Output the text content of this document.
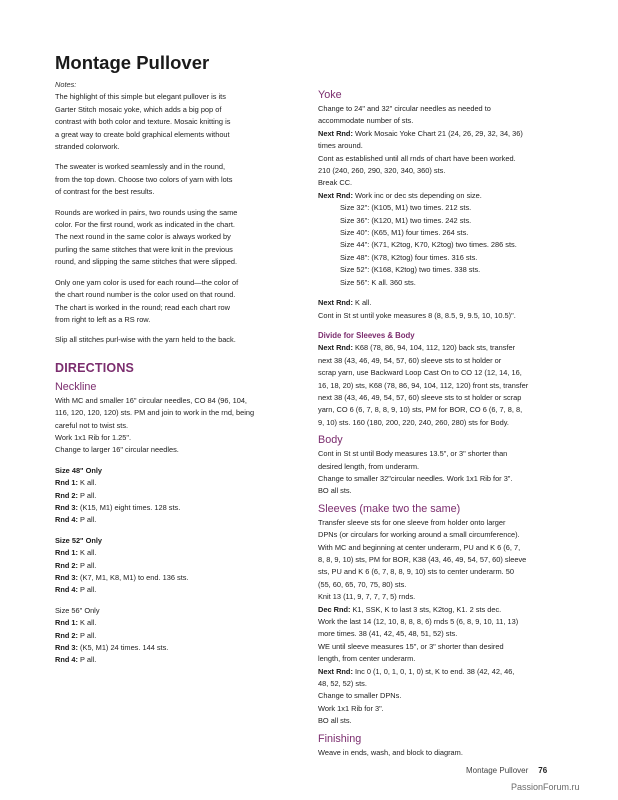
Montage Pullover

Notes:

The highlight of this simple but elegant pullover is its

Garter Stitch mosaic yoke, which adds a big pop of

contrast with both color and texture. Mosaic knitting is

a great way to create bold graphical elements without

stranded colorwork.

The sweater is worked seamlessly and in the round,

from the top down. Choose two colors of yarn with lots

of contrast for the best results.

Rounds are worked in pairs, two rounds using the same

color. For the first round, work as indicated in the chart.

The next round in the same color is always worked by

purling the same stitches that were knit in the previous

round, and slipping the same stitches that were slipped.

Only one yarn color is used for each round—the color of

the chart round number is the color used on that round.

The chart is worked in the round; read each chart row

from right to left as a RS row.

Slip all stitches purl-wise with the yarn held to the back.

DIRECTIONS

Neckline

With MC and smaller 16" circular needles, CO 84 (96, 104,

116, 120, 120, 120) sts. PM and join to work in the rnd, being

careful not to twist sts.

Work 1x1 Rib for 1.25".

Change to larger 16" circular needles.

Size 48" Only

Rnd 1: K all.

Rnd 2: P all.

Rnd 3: (K15, M1) eight times. 128 sts.

Rnd 4: P all.

Size 52" Only

Rnd 1: K all.

Rnd 2: P all.

Rnd 3: (K7, M1, K8, M1) to end. 136 sts.

Rnd 4: P all.

Size 56" Only

Rnd 1: K all.

Rnd 2: P all.

Rnd 3: (K5, M1) 24 times. 144 sts.

Rnd 4: P all.

Yoke

Change to 24" and 32" circular needles as needed to

accommodate number of sts.

Next Rnd: Work Mosaic Yoke Chart 21 (24, 26, 29, 32, 34, 36)

times around.

Cont as established until all rnds of chart have been worked.

210 (240, 260, 290, 320, 340, 360) sts.

Break CC.

Next Rnd: Work inc or dec sts depending on size.

Size 32": (K105, M1) two times. 212 sts.

Size 36": (K120, M1) two times. 242 sts.

Size 40": (K65, M1) four times. 264 sts.

Size 44": (K71, K2tog, K70, K2tog) two times. 286 sts.

Size 48": (K78, K2tog) four times. 316 sts.

Size 52": (K168, K2tog) two times. 338 sts.

Size 56": K all. 360 sts.

Next Rnd: K all.

Cont in St st until yoke measures 8 (8, 8.5, 9, 9.5, 10, 10.5)".

Divide for Sleeves & Body

Next Rnd: K68 (78, 86, 94, 104, 112, 120) back sts, transfer

next 38 (43, 46, 49, 54, 57, 60) sleeve sts to st holder or

scrap yarn, use Backward Loop Cast On to CO 12 (12, 14, 16,

16, 18, 20) sts, K68 (78, 86, 94, 104, 112, 120) front sts, transfer

next 38 (43, 46, 49, 54, 57, 60) sleeve sts to st holder or scrap

yarn, CO 6 (6, 7, 8, 8, 9, 10) sts, PM for BOR, CO 6 (6, 7, 8, 8,

9, 10) sts. 160 (180, 200, 220, 240, 260, 280) sts for Body.

Body

Cont in St st until Body measures 13.5", or 3" shorter than

desired length, from underarm.

Change to smaller 32"circular needles. Work 1x1 Rib for 3".

BO all sts.

Sleeves (make two the same)

Transfer sleeve sts for one sleeve from holder onto larger

DPNs (or circulars for working around a small circumference).

With MC and beginning at center underarm, PU and K 6 (6, 7,

8, 8, 9, 10) sts, PM for BOR, K38 (43, 46, 49, 54, 57, 60) sleeve

sts, PU and K 6 (6, 7, 8, 8, 9, 10) sts to center underarm. 50

(55, 60, 65, 70, 75, 80) sts.

Knit 13 (11, 9, 7, 7, 7, 5) rnds.

Dec Rnd: K1, SSK, K to last 3 sts, K2tog, K1. 2 sts dec.

Work the last 14 (12, 10, 8, 8, 8, 6) rnds 5 (6, 8, 9, 10, 11, 13)

more times. 38 (41, 42, 45, 48, 51, 52) sts.

WE until sleeve measures 15", or 3" shorter than desired

length, from center underarm.

Next Rnd: Inc 0 (1, 0, 1, 0, 1, 0) st, K to end. 38 (42, 42, 46,

48, 52, 52) sts.

Change to smaller DPNs.

Work 1x1 Rib for 3".

BO all sts.

Finishing

Weave in ends, wash, and block to diagram.

Montage Pullover 76
PassionForum.ru
